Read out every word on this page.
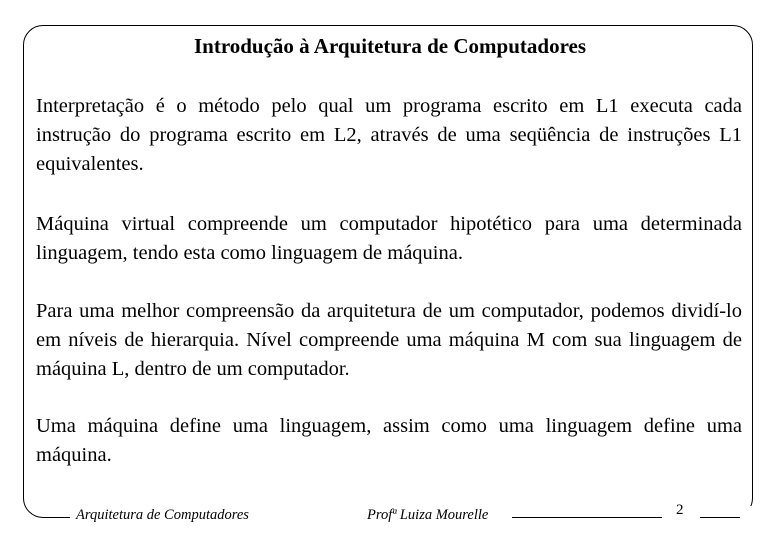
Introdução à Arquitetura de Computadores

Interpretação é o método pelo qual um programa escrito em L1 executa cada instrução do programa escrito em L2, através de uma seqüência de instruções L1 equivalentes.

Máquina virtual compreende um computador hipotético para uma determinada linguagem, tendo esta como linguagem de máquina.

Para uma melhor compreensão da arquitetura de um computador, podemos dividí-lo em níveis de hierarquia. Nível compreende uma máquina M com sua linguagem de máquina L, dentro de um computador.

Uma máquina define uma linguagem, assim como uma linguagem define uma máquina.

Arquitetura de Computadores	Profª Luiza Mourelle	2
